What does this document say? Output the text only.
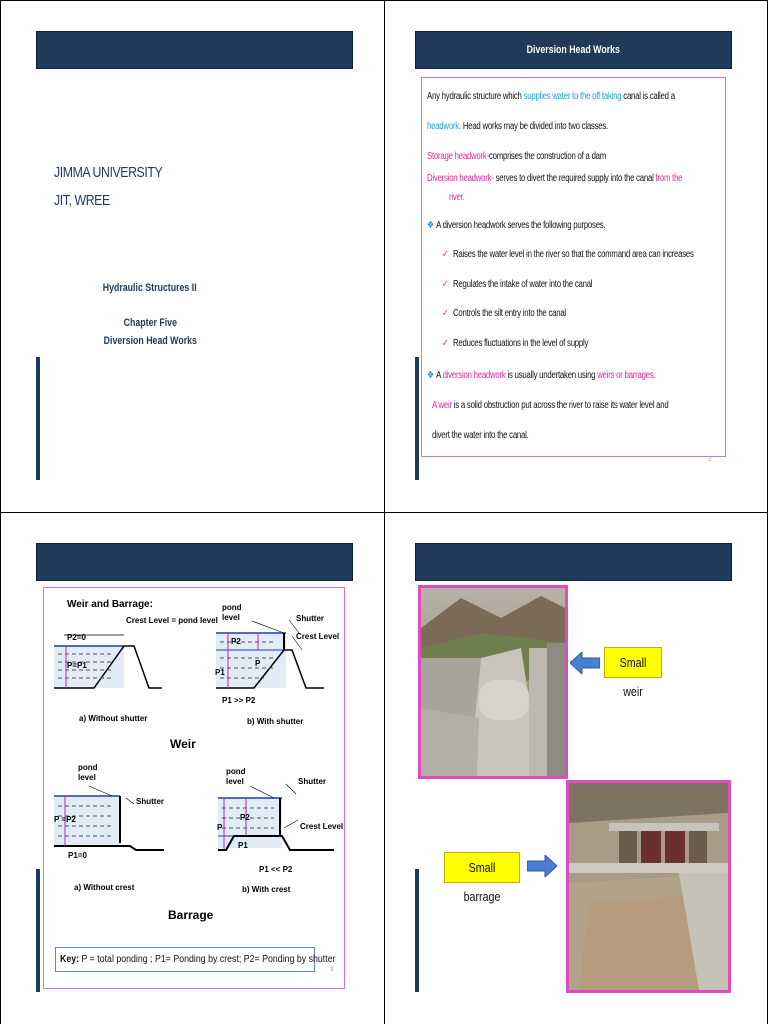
JIMMA UNIVERSITY
JIT, WREE
Hydraulic Structures II
Chapter Five
Diversion Head Works
Diversion Head Works
Any hydraulic structure which supplies water to the off taking canal is called a
headwork. Head works may be divided into two classes.
Storage headwork-comprises the construction of a dam
Diversion headwork- serves to divert the required supply into the canal from the
river.
❖ A diversion headwork serves the following purposes.
✓ Raises the water level in the river so that the command area can increases
✓ Regulates the intake of water into the canal
✓ Controls the silt entry into the canal
✓ Reduces fluctuations in the level of supply
❖ A diversion headwork is usually undertaken using weirs or barrages.
A weir is a solid obstruction put across the river to raise its water level and
divert the water into the canal.
2
P2=0
P=P1
Crest Level = pond level
a) Without shutter
pond
level	Shutter
Crest Level
P2
P
P1
P1 >> P2
b) With shutter
Weir
pond
level
Shutter
P =P2
P1=0
a) Without crest
pond
level	Shutter
Crest Level
P2
P
P1
P1 << P2
b) With crest
Barrage
Weir and Barrage:
Key: P = total ponding ; P1= Ponding by crest; P2= Ponding by shutter
3
Small weir
Small barrage
